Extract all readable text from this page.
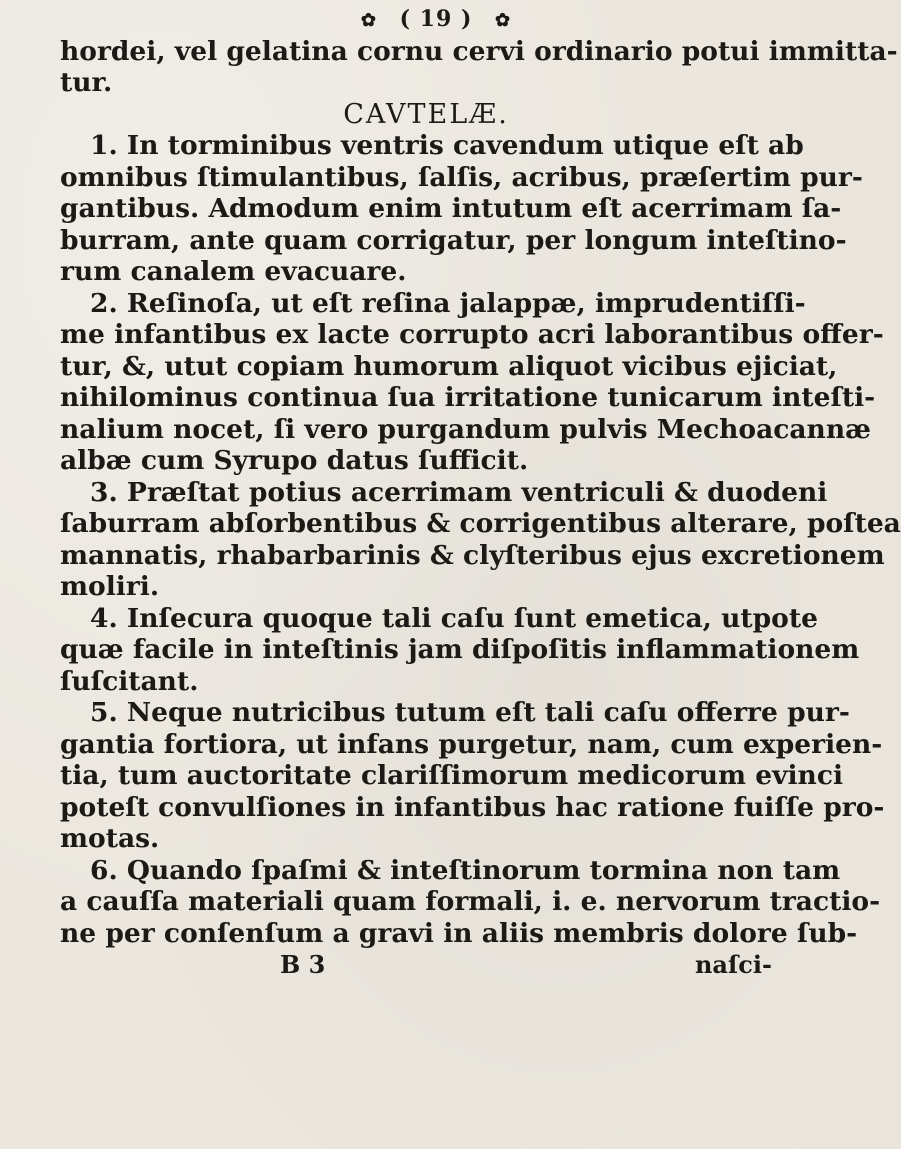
✿ ( 19 ) ✿
hordei, vel gelatina cornu cervi ordinario potui immitta-
tur.
CAVTELÆ.
1. In torminibus ventris cavendum utique eſt ab
omnibus ſtimulantibus, ſalſis, acribus, præſertim pur-
gantibus. Admodum enim intutum eſt acerrimam ſa-
burram, ante quam corrigatur, per longum inteſtino-
rum canalem evacuare.
2. Reſinoſa, ut eſt reſina jalappæ, imprudentiſſi-
me infantibus ex lacte corrupto acri laborantibus offer-
tur, &, utut copiam humorum aliquot vicibus ejiciat,
nihilominus continua ſua irritatione tunicarum inteſti-
nalium nocet, ſi vero purgandum pulvis Mechoacannæ
albæ cum Syrupo datus ſufficit.
3. Præſtat potius acerrimam ventriculi & duodeni
ſaburram abſorbentibus & corrigentibus alterare, poſtea
mannatis, rhabarbarinis & clyſteribus ejus excretionem
moliri.
4. Inſecura quoque tali caſu ſunt emetica, utpote
quæ facile in inteſtinis jam diſpoſitis inflammationem
ſuſcitant.
5. Neque nutricibus tutum eſt tali caſu offerre pur-
gantia fortiora, ut infans purgetur, nam, cum experien-
tia, tum auctoritate clariſſimorum medicorum evinci
poteſt convulſiones in infantibus hac ratione fuiſſe pro-
motas.
6. Quando ſpaſmi & inteſtinorum tormina non tam
a cauſſa materiali quam formali, i. e. nervorum tractio-
ne per conſenſum a gravi in aliis membris dolore ſub-
B 3	naſci-
